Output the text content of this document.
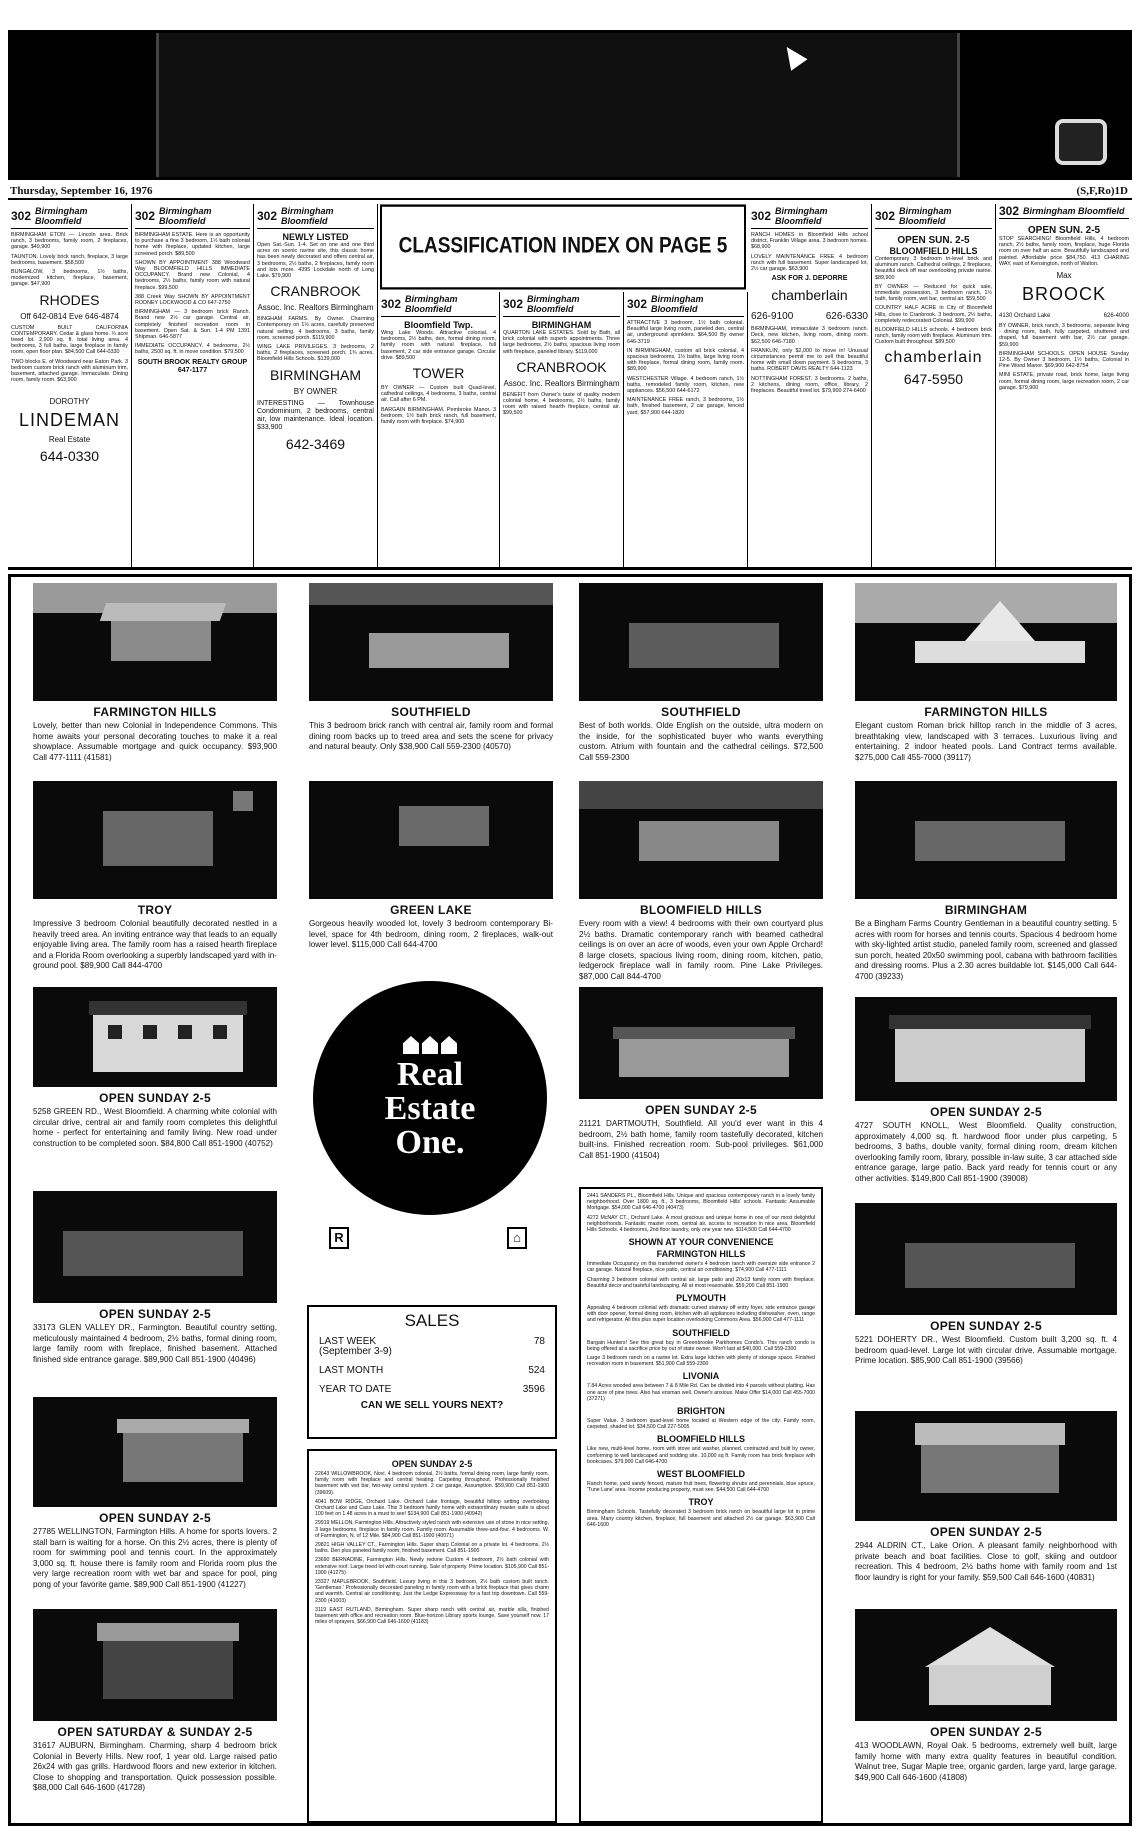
Thursday, September 16, 1976	(S,F,Ro)1D
302 Birmingham Bloomfield

BIRMINGHAM ETON — Lincoln area. Brick ranch, 3 bedrooms, family room, 2 fireplaces, garage. $49,900

TAUNTON. Lovely brick ranch, fireplace, 3 large bedrooms, basement. $58,500

BUNGALOW, 3 bedrooms, 1½ baths, modernized kitchen, fireplace, basement, garage. $47,900

RHODES
Off 642-0814 Eve 646-4874

CUSTOM BUILT CALIFORNIA CONTEMPORARY. Cedar & glass home. ¾ acre treed lot. 2,900 sq. ft. total living area. 4 bedrooms, 3 full baths, large fireplace in family room, open floor plan. $84,500 Call 644-0330

TWO blocks E. of Woodward near Eaton Park. 3 bedroom custom brick ranch with aluminum trim, basement, attached garage. Immaculate. Dining room, family room. $63,900

DOROTHY
LINDEMAN
Real Estate
644-0330
302 Birmingham Bloomfield

BIRMINGHAM ESTATE. Here is an opportunity to purchase a fine 3 bedroom, 1½ bath colonial home with fireplace, updated kitchen, large screened porch. $89,500

SHOWN BY APPOINTMENT 388 Woodward Way BLOOMFIELD HILLS IMMEDIATE OCCUPANCY. Brand new Colonial, 4 bedrooms, 2½ baths, family room with natural fireplace. $99,500

388 Creek Way SHOWN BY APPOINTMENT RODNEY LOCKWOOD & CO 647-2750

BIRMINGHAM — 3 bedroom brick Ranch. Brand new 2½ car garage. Central air, completely finished recreation room in basement. Open Sat. & Sun. 1-4 PM 1391 Shipman. 646-5877

IMMEDIATE OCCUPANCY. 4 bedrooms, 2½ baths, 2500 sq. ft. in move condition. $79,500

SOUTH BROOK REALTY GROUP 647-1177
302 Birmingham Bloomfield
NEWLY LISTED

Open Sat.-Sun. 1-4. Set on one and one third acres on scenic ravine site, this classic home has been newly decorated and offers central air, 3 bedrooms, 2½ baths, 2 fireplaces, family room and lots more. 4395 Lockdale north of Long Lake. $79,900

CRANBROOK
Assoc. Inc. Realtors Birmingham

BINGHAM FARMS. By Owner. Charming Contemporary on 1½ acres, carefully preserved natural setting. 4 bedrooms, 3 baths, family room, screened porch. $119,900

WING LAKE PRIVILEGES. 3 bedrooms, 2 baths, 2 fireplaces, screened porch, 1¾ acres. Bloomfield Hills Schools. $139,000

BIRMINGHAM
BY OWNER

INTERESTING — Townhouse Condominium, 2 bedrooms, central air, low maintenance. Ideal location. $33,900

642-3469
CLASSIFICATION INDEX ON PAGE 5
302 Birmingham Bloomfield
Bloomfield Twp.

Wing Lake Woods. Attractive colonial, 4 bedrooms, 2½ baths, den, formal dining room, family room with natural fireplace, full basement, 2 car side entrance garage. Circular drive. $89,500

TOWER

BY OWNER — Custom built Quad-level, cathedral ceilings, 4 bedrooms, 3 baths, central air. Call after 6 PM.

BARGAIN BIRMINGHAM. Pembroke Manor. 3 bedroom, 1½ bath brick ranch, full basement, family room with fireplace. $74,900

302 Birmingham Bloomfield
BIRMINGHAM

QUARTON LAKE ESTATES. Sold by Bath, all brick colonial with superb appointments. Three large bedrooms, 2½ baths, spacious living room with fireplace, paneled library. $119,000

CRANBROOK
Assoc. Inc. Realtors Birmingham

BENEFIT from Owner's taste of quality modern colonial home, 4 bedrooms, 2½ baths, family room with raised hearth fireplace, central air. $99,500

302 Birmingham Bloomfield

ATTRACTIVE 3 bedroom, 1½ bath colonial. Beautiful large living room, paneled den, central air, underground sprinklers. $64,500 By owner 646-3719

IN BIRMINGHAM, custom all brick colonial, 4 spacious bedrooms, 1½ baths, large living room with fireplace, formal dining room, family room. $89,900

WESTCHESTER Village. 4 bedroom ranch, 1½ baths, remodeled family room, kitchen, new appliances. $56,500 644-6172

MAINTENANCE FREE ranch, 3 bedrooms, 1½ bath, finished basement, 2 car garage, fenced yard. $57,900 644-1820

302 Birmingham Bloomfield

RANCH HOMES in Bloomfield Hills school district, Franklin Village area. 3 bedroom homes. $68,900

LOVELY MAINTENANCE FREE 4 bedroom ranch with full basement. Super landscaped lot, 2½ car garage. $63,900

ASK FOR J. DEPORRE
chamberlain
626-9100	626-6330

BIRMINGHAM, immaculate 3 bedroom ranch. Deck, new kitchen, living room, dining room. $62,500 646-7180

FRANKLIN, only $2,000 to move in! Unusual circumstances permit me to sell this beautiful home with small down payment. 5 bedrooms, 3 baths. ROBERT DAVIS REALTY 644-1123

NOTTINGHAM FOREST. 3 bedrooms, 2 baths, 2 kitchens, dining room, office, library, 2 fireplaces. Beautiful treed lot. $79,900 274-6400

302 Birmingham Bloomfield
OPEN SUN. 2-5
BLOOMFIELD HILLS

Contemporary 3 bedroom tri-level brick and aluminum ranch. Cathedral ceilings, 2 fireplaces, beautiful deck off rear overlooking private ravine. $89,900

BY OWNER — Reduced for quick sale, immediate possession, 3 bedroom ranch, 1½ bath, family room, wet bar, central air. $59,500

COUNTRY HALF ACRE in City of Bloomfield Hills, close to Cranbrook. 3 bedroom, 2½ baths, completely redecorated Colonial. $99,900

BLOOMFIELD HILLS schools. 4 bedroom brick ranch, family room with fireplace. Aluminum trim. Custom built throughout. $89,500

chamberlain
647-5950
302 Birmingham Bloomfield
OPEN SUN. 2-5

STOP SEARCHING! Bloomfield Hills, 4 bedroom ranch, 2½ baths, family room, fireplace, huge Florida room on over half an acre. Beautifully landscaped and painted. Affordable price $84,750. 413 CHARING WAY, east of Kensington, north of Walton.

Max
BROOCK
4130 Orchard Lake	626-4000

BY OWNER, brick ranch, 3 bedrooms, separate living - dining room, bath, fully carpeted, shuttered and draped, full basement with bar, 2½ car garage. $59,900

BIRMINGHAM SCHOOLS. OPEN HOUSE Sunday 12-5. By Owner 3 bedroom, 1½ baths, Colonial in Pine Wood Manor. $69,900 642-8754

MINI ESTATE, private road, brick home, large living room, formal dining room, large recreation room, 2 car garage. $79,900

FARMINGTON HILLS
Lovely, better than new Colonial in Independence Commons. This home awaits your personal decorating touches to make it a real showplace. Assumable mortgage and quick occupancy. $93,900 Call 477-1111 (41581)
TROY
Impressive 3 bedroom Colonial beautifully decorated nestled in a heavily treed area. An inviting entrance way that leads to an equally enjoyable living area. The family room has a raised hearth fireplace and a Florida Room overlooking a superbly landscaped yard with in-ground pool. $89,900 Call 844-4700
OPEN SUNDAY 2-5
5258 GREEN RD., West Bloomfield. A charming white colonial with circular drive, central air and family room completes this delightful home - perfect for entertaining and family living. New road under construction to be completed soon. $84,800 Call 851-1900 (40752)
OPEN SUNDAY 2-5
33173 GLEN VALLEY DR., Farmington. Beautiful country setting, meticulously maintained 4 bedroom, 2½ baths, formal dining room, large family room with fireplace, finished basement. Attached finished side entrance garage. $89,900 Call 851-1900 (40496)
OPEN SUNDAY 2-5
27785 WELLINGTON, Farmington Hills. A home for sports lovers. 2 stall barn is waiting for a horse. On this 2½ acres, there is plenty of room for swimming pool and tennis court. In the approximately 3,000 sq. ft. house there is family room and Florida room plus the very large recreation room with wet bar and space for pool, ping pong of your favorite game. $89,900 Call 851-1900 (41227)
OPEN SATURDAY & SUNDAY 2-5
31617 AUBURN, Birmingham. Charming, sharp 4 bedroom brick Colonial in Beverly Hills. New roof, 1 year old. Large raised patio 26x24 with gas grills. Hardwood floors and new exterior in kitchen. Close to shopping and transportation. Quick possession possible. $88,000 Call 646-1600 (41728)
SOUTHFIELD
This 3 bedroom brick ranch with central air, family room and formal dining room backs up to treed area and sets the scene for privacy and natural beauty. Only $38,900 Call 559-2300 (40570)
GREEN LAKE
Gorgeous heavily wooded lot, lovely 3 bedroom contemporary Bi-level, space for 4th bedroom, dining room, 2 fireplaces, walk-out lower level. $115,000 Call 644-4700
Real
Estate
One.
R	⌂
SALES
LAST WEEK	78
(September 3-9)
LAST MONTH	524
YEAR TO DATE	3596
CAN WE SELL YOURS NEXT?
OPEN SUNDAY 2-5

22643 WILLOWBROOK, Novi. 4 bedroom colonial, 2½ baths, formal dining room, large family room, family room with fireplace and central heating. Carpeting throughout. Professionally finished basement with wet bar, two-way central system. 2 car garage, Assumption. $59,900 Call 851-1900 (39609)

4041 BOW RIDGE, Orchard Lake. Orchard Lake frontage, beautiful hilltop setting overlooking Orchard Lake and Cass Lake. This 3 bedroom family home with extraordinary master suite is about 100 feet on 1.48 acres in a must to see! $134,900 Call 851-1900 (40942)

29919 MELLON, Farmington Hills. Attractively styled ranch with extensive use of stone in nice setting, 3 large bedrooms, fireplace in family room. Family room. Assumable three-and-four. 4 bedrooms. W. of Farmington, N. of 12 Mile. $84,900 Call 851-1900 (40071)

29821 HIGH VALLEY CT., Farmington Hills. Super sharp Colonial on a private lot. 4 bedrooms, 2½ baths. Den plus paneled family room, finished basement. Call 851-1900

23690 BERNADINE, Farmington Hills. Newly redone Custom 4 bedroom, 2½ bath colonial with extensive roof. Large treed lot with court running. Sale of property. Prime location. $105,900 Call 851-1900 (41275)

23327 MAPLEBROOK, Southfield. Luxury living in this 3 bedroom, 2½ bath custom built ranch. 'Gentleman.' Professionally decorated paneling in family room with a brick fireplace that gives charm and warmth. Central air conditioning. Just the Ledge Expressway for a fast trip downtown. Call 559-2300 (41003)

3119 EAST RUTLAND, Birmingham. Super sharp ranch with central air, marble sills, finished basement with office and recreation room. Blue-horizon Library sports lounge. Save yourself now. 17 miles of sprayers, $66,900 Call 646-1600 (41183)

SOUTHFIELD
Best of both worlds. Olde English on the outside, ultra modern on the inside, for the sophisticated buyer who wants everything custom. Atrium with fountain and the cathedral ceilings. $72,500 Call 559-2300
BLOOMFIELD HILLS
Every room with a view! 4 bedrooms with their own courtyard plus 2½ baths. Dramatic contemporary ranch with beamed cathedral ceilings is on over an acre of woods, even your own Apple Orchard! 8 large closets, spacious living room, dining room, kitchen, patio, ledgerock fireplace wall in family room. Pine Lake Privileges. $87,000 Call 844-4700
OPEN SUNDAY 2-5
21121 DARTMOUTH, Southfield. All you'd ever want in this 4 bedroom, 2½ bath home, family room tastefully decorated, kitchen built-ins. Finished recreation room. Sub-pool privileges. $61,000 Call 851-1900 (41504)

2441 SANDERS PL., Bloomfield Hills. Unique and spacious contemporary ranch in a lovely family neighborhood. Over 1800 sq. ft., 3 bedrooms, Bloomfield Hills' schools. Fantastic Assumable Mortgage. $54,000 Call 646-4700 (40473)

4272 McNAY CT., Orchard Lake. A most gracious and unique home in one of our most delightful neighborhoods. Fantastic master room, central air, access to recreation in nice area. Bloomfield Hills Schools. 4 bedrooms, 2nd floor laundry, only one year new. $114,500 Call 644-4700

SHOWN AT YOUR CONVENIENCE
FARMINGTON HILLS

Immediate Occupancy on this transferred owner's 4 bedroom ranch with oversize side entrance 2 car garage. Natural fireplace, nice patio, central air conditioning. $74,900 Call 477-1111

Charming 3 bedroom colonial with central air, large patio and 20x13 family room with fireplace. Beautiful decor and tasteful landscaping. All at most reasonable. $59,200 Call 851-1900

PLYMOUTH

Appealing 4 bedroom colonial with dramatic curved stairway off entry foyer, side entrance garage with door opener, formal dining room, kitchen with all appliances including dishwasher, oven, range and refrigerator. All this plus super location overlooking Commons Area. $56,900 Call 477-1111

SOUTHFIELD

Bargain Hunters! See this great buy in Greenbrooke Parkhomes Condo's. This ranch condo is being offered at a sacrifice price by out of state owner. Won't last at $40,000. Call 559-2300

Large 3 bedroom ranch on a ravine lot. Extra large kitchen with plenty of storage space. Finished recreation room in basement. $51,900 Call 559-2300

LIVONIA

7.84 Acres wooded area between 7 & 8 Mile Rd. Can be divided into 4 parcels without platting. Has one acre of pine trees. Also has ensman well. Owner's anxious. Make Offer $14,000 Call 455-7000 (37271)

BRIGHTON

Super Value. 3 bedroom quad-level home located at Western edge of the city. Family room, carpeted, shaded lot. $34,500 Call 227-5005

BLOOMFIELD HILLS

Like new, multi-level home, room with stove and washer, planned, contracted and built by owner, conforming to well landscaped and sodding site. 10,000 sq ft. Family room has brick fireplace with bookcases. $79,900 Call 646-4700

WEST BLOOMFIELD

Ranch home, yard sandy fenced, mature fruit trees, flowering shrubs and perennials, blue spruce, 'Tune Lane' area. Income producing property, must see. $44,500 Call 644-4700

TROY

Birmingham Schools. Tastefully decorated 3 bedroom brick ranch on beautiful large lot in prime area. Many country kitchen, fireplace, full basement and attached 2½ car garage. $63,900 Call 646-1600

FARMINGTON HILLS
Elegant custom Roman brick hilltop ranch in the middle of 3 acres, breathtaking view, landscaped with 3 terraces. Luxurious living and entertaining. 2 indoor heated pools. Land Contract terms available. $275,000 Call 455-7000 (39117)
BIRMINGHAM
Be a Bingham Farms Country Gentleman in a beautiful country setting. 5 acres with room for horses and tennis courts. Spacious 4 bedroom home with sky-lighted artist studio, paneled family room, screened and glassed sun porch, heated 20x50 swimming pool, cabana with bathroom facilities and dressing rooms. Plus a 2.30 acres buildable lot. $145,000 Call 644-4700 (39233)
OPEN SUNDAY 2-5
4727 SOUTH KNOLL, West Bloomfield. Quality construction, approximately 4,000 sq. ft. hardwood floor under plus carpeting, 5 bedrooms, 3 baths, double vanity, formal dining room, dream kitchen overlooking family room, library, possible in-law suite, 3 car attached side entrance garage, large patio. Back yard ready for tennis court or any other activities. $149,800 Call 851-1900 (39008)
OPEN SUNDAY 2-5
5221 DOHERTY DR., West Bloomfield. Custom built 3,200 sq. ft. 4 bedroom quad-level. Large lot with circular drive. Assumable mortgage. Prime location. $85,900 Call 851-1900 (39566)
OPEN SUNDAY 2-5
2944 ALDRIN CT., Lake Orion. A pleasant family neighborhood with private beach and boat facilities. Close to golf, skiing and outdoor recreation. This 4 bedroom, 2½ baths home with family room and 1st floor laundry is right for your family. $59,500 Call 646-1600 (40831)
OPEN SUNDAY 2-5
413 WOODLAWN, Royal Oak. 5 bedrooms, extremely well built, large family home with many extra quality features in beautiful condition. Walnut tree, Sugar Maple tree, organic garden, large yard, large garage. $49,900 Call 646-1600 (41808)
